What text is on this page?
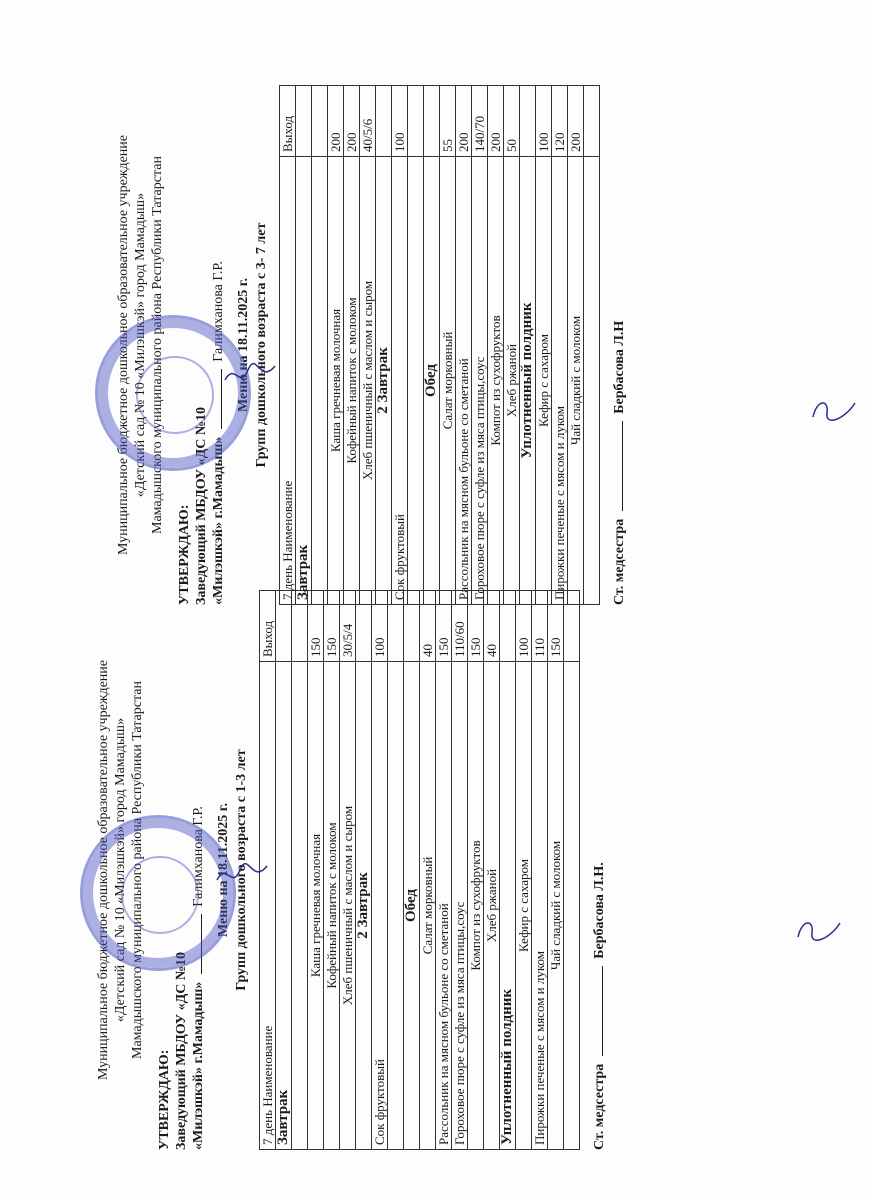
Муниципальное бюджетное дошкольное образовательное учреждение «Детский сад № 10 «Милэшкэй» город Мамадыш» Мамадышского муниципального района Республики Татарстан
УТВЕРЖДАЮ: Заведующий МБДОУ «ДС №10 «Милэшкэй» г.Мамадыш»  Галимханова Г.Р. Меню на 18.11.2025 г. Групп дошкольного возраста с 1-3 лет
7 день Наименование	Выход
Завтрак	

Каша гречневая молочная	150
Кофейный напиток с молоком	150
Хлеб пшеничный с маслом и сыром	30/5/4
2 Завтрак	
Сок фруктовый	100

Обед	
Салат морковный	40
Рассольник на мясном бульоне со сметаной	150
Гороховое пюре с суфле из мяса птицы,соус	110/60
Компот из сухофруктов	150
Хлеб ржаной	40
Уплотненный полдник	
Кефир с сахаром	100
Пирожки печеные с мясом и луком	110
Чай сладкий с молоком	150

Ст. медсестра  Бербасова Л.Н.
Муниципальное бюджетное дошкольное образовательное учреждение «Детский сад № 10 «Милэшкэй» город Мамадыш» Мамадышского муниципального района Республики Татарстан
УТВЕРЖДАЮ: Заведующий МБДОУ «ДС №10 «Милэшкэй» г.Мамадыш»  Галимханова Г.Р. Меню на 18.11.2025 г. Групп дошкольного возраста с 3- 7 лет
7 день Наименование	Выход
Завтрак	

Каша гречневая молочная	200
Кофейный напиток с молоком	200
Хлеб пшеничный с маслом и сыром	40/5/6
2 Завтрак	
Сок фруктовый	100

Обед	
Салат морковный	55
Рассольник на мясном бульоне со сметаной	200
Гороховое пюре с суфле из мяса птицы,соус	140/70
Компот из сухофруктов	200
Хлеб ржаной	50
Уплотненный полдник	
Кефир с сахаром	100
Пирожки печеные с мясом и луком	120
Чай сладкий с молоком	200

Ст. медсестра  Бербасова Л.Н
